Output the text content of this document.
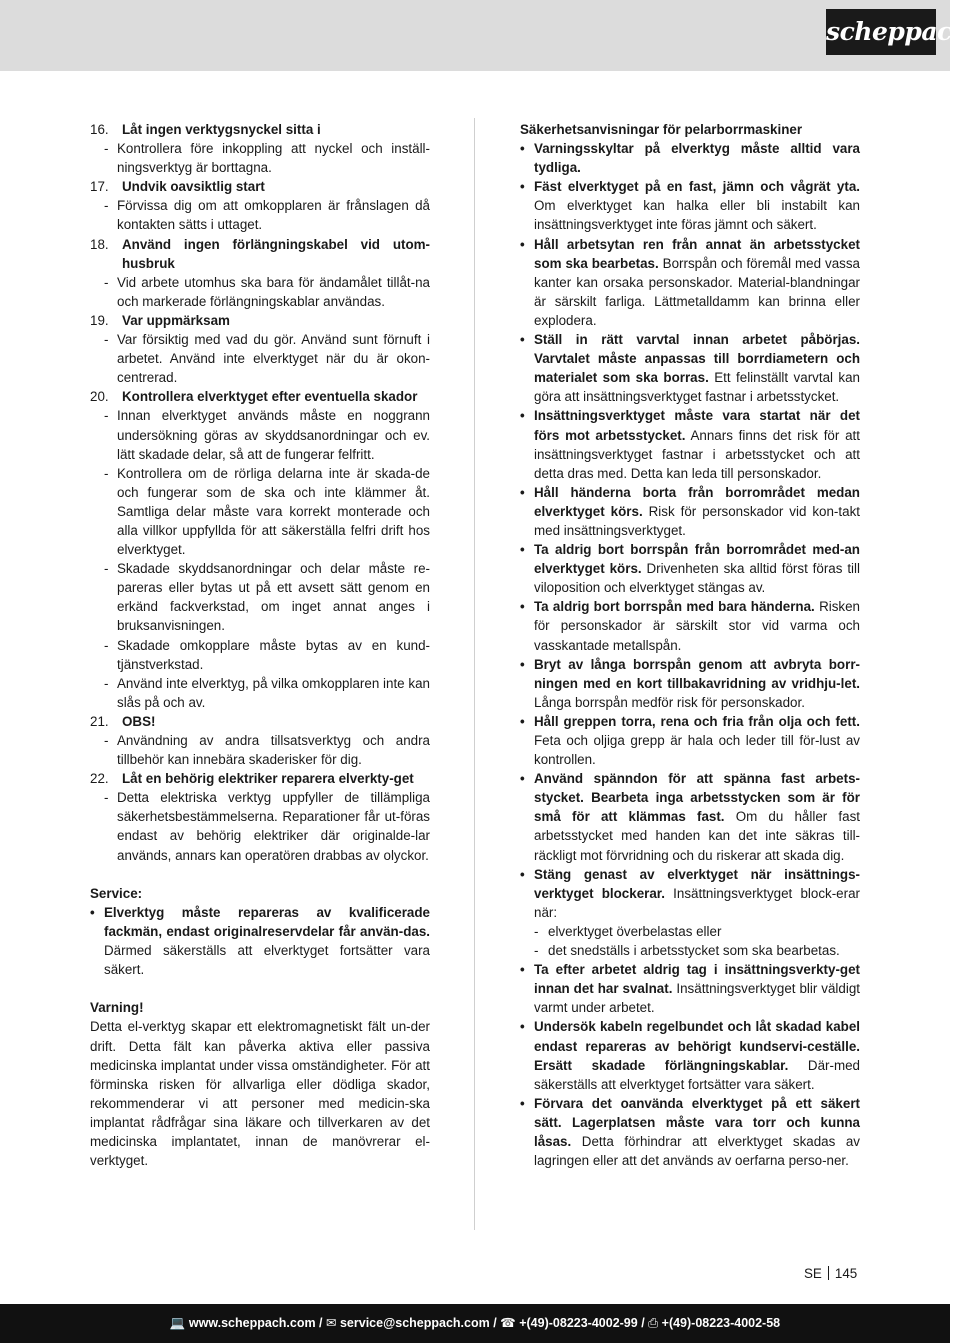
scheppach
16. Låt ingen verktygsnyckel sitta i
- Kontrollera före inkoppling att nyckel och inställ-ningsverktyg är borttagna.
17. Undvik oavsiktlig start
- Förvissa dig om att omkopplaren är frånslagen då kontakten sätts i uttaget.
18. Använd ingen förlängningskabel vid utom-husbruk
- Vid arbete utomhus ska bara för ändamålet tillåt-na och markerade förlängningskablar användas.
19. Var uppmärksam
- Var försiktig med vad du gör. Använd sunt förnuft i arbetet. Använd inte elverktyget när du är okon-centrerad.
20. Kontrollera elverktyget efter eventuella skador
- Innan elverktyget används måste en noggrann undersökning göras av skyddsanordningar och ev. lätt skadade delar, så att de fungerar felfritt.
- Kontrollera om de rörliga delarna inte är skada-de och fungerar som de ska och inte klämmer åt. Samtliga delar måste vara korrekt monterade och alla villkor uppfyllda för att säkerställa felfri drift hos elverktyget.
- Skadade skyddsanordningar och delar måste re-pareras eller bytas ut på ett avsett sätt genom en erkänd fackverkstad, om inget annat anges i bruksanvisningen.
- Skadade omkopplare måste bytas av en kund-tjänstverkstad.
- Använd inte elverktyg, på vilka omkopplaren inte kan slås på och av.
21. OBS!
- Användning av andra tillsatsverktyg och andra tillbehör kan innebära skaderisker för dig.
22. Låt en behörig elektriker reparera elverkty-get
- Detta elektriska verktyg uppfyller de tillämpliga säkerhetsbestämmelserna. Reparationer får ut-föras endast av behörig elektriker där originalde-lar används, annars kan operatören drabbas av olyckor.
Service:
• Elverktyg måste repareras av kvalificerade fackmän, endast originalreservdelar får använ-das. Därmed säkerställs att elverktyget fortsätter vara säkert.
Varning!
Detta el-verktyg skapar ett elektromagnetiskt fält un-der drift. Detta fält kan påverka aktiva eller passiva medicinska implantat under vissa omständigheter. För att förminska risken för allvarliga eller dödliga skador, rekommenderar vi att personer med medicin-ska implantat rådfrågar sina läkare och tillverkaren av det medicinska implantatet, innan de manövrerar el-verktyget.
Säkerhetsanvisningar för pelarborrmaskiner
• Varningsskyltar på elverktyg måste alltid vara tydliga.
• Fäst elverktyget på en fast, jämn och vågrät yta. Om elverktyget kan halka eller bli instabilt kan insättningsverktyget inte föras jämnt och säkert.
• Håll arbetsytan ren från annat än arbetsstycket som ska bearbetas. Borrspån och föremål med vassa kanter kan orsaka personskador. Material-blandningar är särskilt farliga. Lättmetalldamm kan brinna eller explodera.
• Ställ in rätt varvtal innan arbetet påbörjas. Varvtalet måste anpassas till borrdiametern och materialet som ska borras. Ett felinställt varvtal kan göra att insättningsverktyget fastnar i arbetsstycket.
• Insättningsverktyget måste vara startat när det förs mot arbetsstycket. Annars finns det risk för att insättningsverktyget fastnar i arbetsstycket och att detta dras med. Detta kan leda till personskador.
• Håll händerna borta från borrområdet medan elverktyget körs. Risk för personskador vid kon-takt med insättningsverktyget.
• Ta aldrig bort borrspån från borrområdet med-an elverktyget körs. Drivenheten ska alltid först föras till viloposition och elverktyget stängas av.
• Ta aldrig bort borrspån med bara händerna. Risken för personskador är särskilt stor vid varma och vasskantade metallspån.
• Bryt av långa borrspån genom att avbryta borr-ningen med en kort tillbakavridning av vridhju-let. Långa borrspån medför risk för personskador.
• Håll greppen torra, rena och fria från olja och fett. Feta och oljiga grepp är hala och leder till för-lust av kontrollen.
• Använd spänndon för att spänna fast arbets-stycket. Bearbeta inga arbetsstycken som är för små för att klämmas fast. Om du håller fast arbetsstycket med handen kan det inte säkras till-räckligt mot förvridning och du riskerar att skada dig.
• Stäng genast av elverktyget när insättnings-verktyget blockerar. Insättningsverktyget block-erar när:
- elverktyget överbelastas eller
- det snedställs i arbetsstycket som ska bearbetas.
• Ta efter arbetet aldrig tag i insättningsverkty-get innan det har svalnat. Insättningsverktyget blir väldigt varmt under arbetet.
• Undersök kabeln regelbundet och låt skadad kabel endast repareras av behörigt kundservi-ceställe. Ersätt skadade förlängningskablar. Där-med säkerställs att elverktyget fortsätter vara säkert.
• Förvara det oanvända elverktyget på ett säkert sätt. Lagerplatsen måste vara torr och kunna låsas. Detta förhindrar att elverktyget skadas av lagringen eller att det används av oerfarna perso-ner.
SE 145
💻 www.scheppach.com / ✉ service@scheppach.com / ☎ +(49)-08223-4002-99 / ⎙ +(49)-08223-4002-58
